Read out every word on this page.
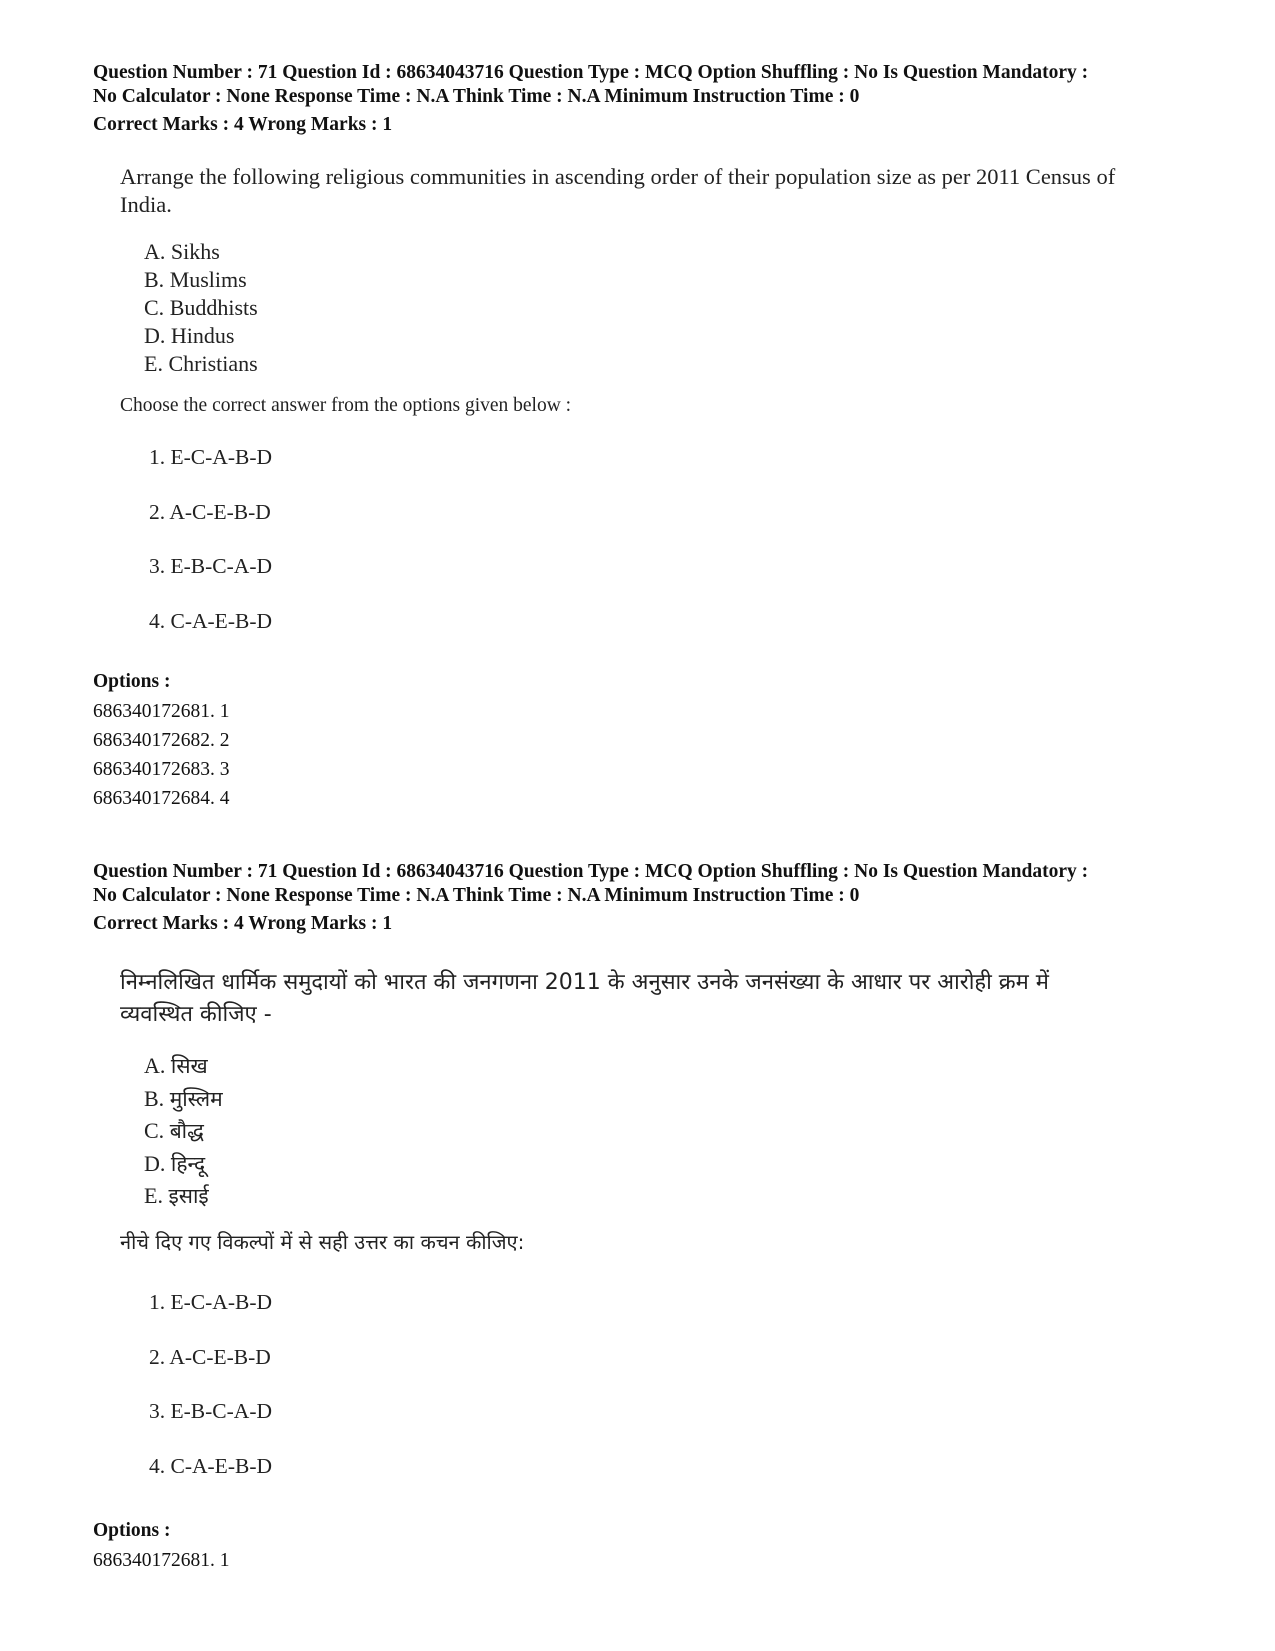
Question Number : 71 Question Id : 68634043716 Question Type : MCQ Option Shuffling : No Is Question Mandatory :

No Calculator : None Response Time : N.A Think Time : N.A Minimum Instruction Time : 0

Correct Marks : 4 Wrong Marks : 1
Arrange the following religious communities in ascending order of their population size as per 2011 Census of
India.
A. Sikhs
B. Muslims
C. Buddhists
D. Hindus
E. Christians
Choose the correct answer from the options given below :
1. E-C-A-B-D
2. A-C-E-B-D
3. E-B-C-A-D
4. C-A-E-B-D
Options :
686340172681. 1
686340172682. 2
686340172683. 3
686340172684. 4

Question Number : 71 Question Id : 68634043716 Question Type : MCQ Option Shuffling : No Is Question Mandatory :

No Calculator : None Response Time : N.A Think Time : N.A Minimum Instruction Time : 0

Correct Marks : 4 Wrong Marks : 1
निम्नलिखित धार्मिक समुदायों को भारत की जनगणना 2011 के अनुसार उनके जनसंख्या के आधार पर आरोही क्रम में
व्यवस्थित कीजिए -
A. सिख
B. मुस्लिम
C. बौद्ध
D. हिन्दू
E. इसाई
नीचे दिए गए विकल्पों में से सही उत्तर का कचन कीजिए:
1. E-C-A-B-D
2. A-C-E-B-D
3. E-B-C-A-D
4. C-A-E-B-D
Options :
686340172681. 1
